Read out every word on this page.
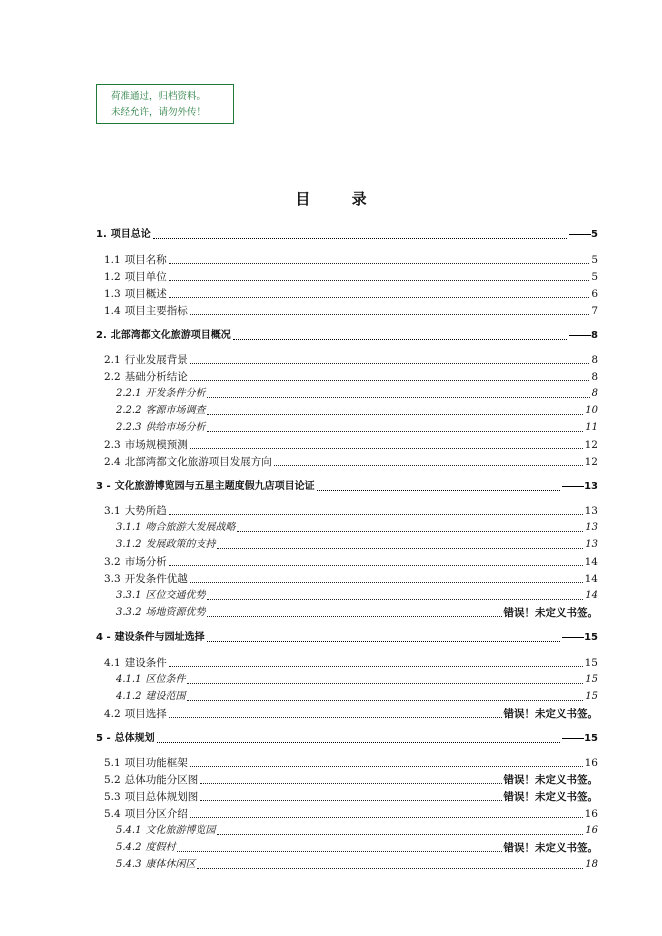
荷准通过，归档资料。
未经允许，请勿外传！
目 录
1. 项目总论	5
1.1 项目名称	5
1.2 项目单位	5
1.3 项目概述	6
1.4 项目主要指标	7
2. 北部湾都文化旅游项目概况	8
2.1 行业发展背景	8
2.2 基础分析结论	8
2.2.1 开发条件分析	8
2.2.2 客源市场调查	10
2.2.3 供给市场分析	11
2.3 市场规模预测	12
2.4 北部湾都文化旅游项目发展方向	12
3 - 文化旅游博览园与五星主题度假九店项目论证	13
3.1 大势所趋	13
3.1.1 吻合旅游大发展战略	13
3.1.2 发展政策的支持	13
3.2 市场分析	14
3.3 开发条件优越	14
3.3.1 区位交通优势	14
3.3.2 场地资源优势	错误！未定义书签。
4 - 建设条件与园址选择	15
4.1 建设条件	15
4.1.1 区位条件	15
4.1.2 建设范围	15
4.2 项目选择	错误！未定义书签。
5 - 总体规划	15
5.1 项目功能框架	16
5.2 总体功能分区图	错误！未定义书签。
5.3 项目总体规划图	错误！未定义书签。
5.4 项目分区介绍	16
5.4.1 文化旅游博览园	16
5.4.2 度假村	错误！未定义书签。
5.4.3 康体休闲区	18
